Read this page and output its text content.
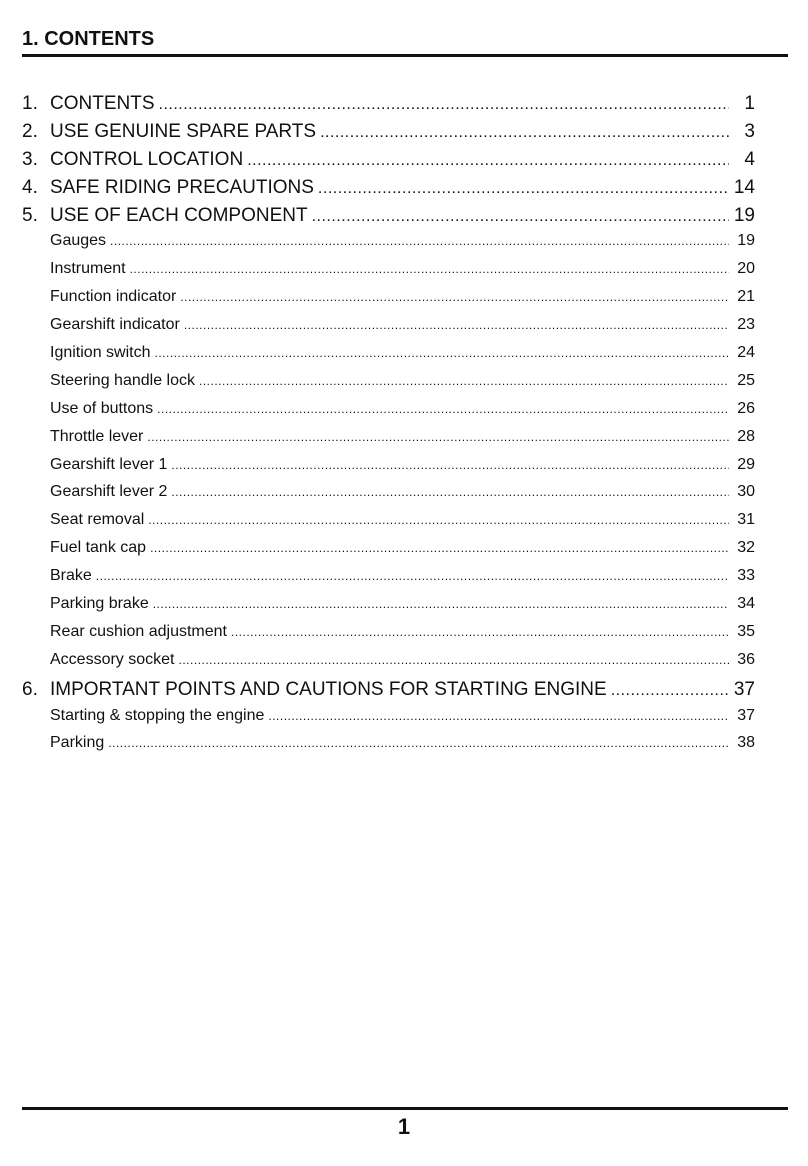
1. CONTENTS
1. CONTENTS .....	1
2. USE GENUINE SPARE PARTS .....	3
3. CONTROL LOCATION .....	4
4. SAFE RIDING PRECAUTIONS .....	14
5. USE OF EACH COMPONENT .....	19
Gauges .....	19
Instrument .....	20
Function indicator .....	21
Gearshift indicator .....	23
Ignition switch .....	24
Steering handle lock .....	25
Use of buttons .....	26
Throttle lever .....	28
Gearshift lever 1 .....	29
Gearshift lever 2 .....	30
Seat removal .....	31
Fuel tank cap .....	32
Brake .....	33
Parking brake .....	34
Rear cushion adjustment .....	35
Accessory socket .....	36
6. IMPORTANT POINTS AND CAUTIONS FOR STARTING ENGINE .....	37
Starting & stopping the engine .....	37
Parking .....	38
1
